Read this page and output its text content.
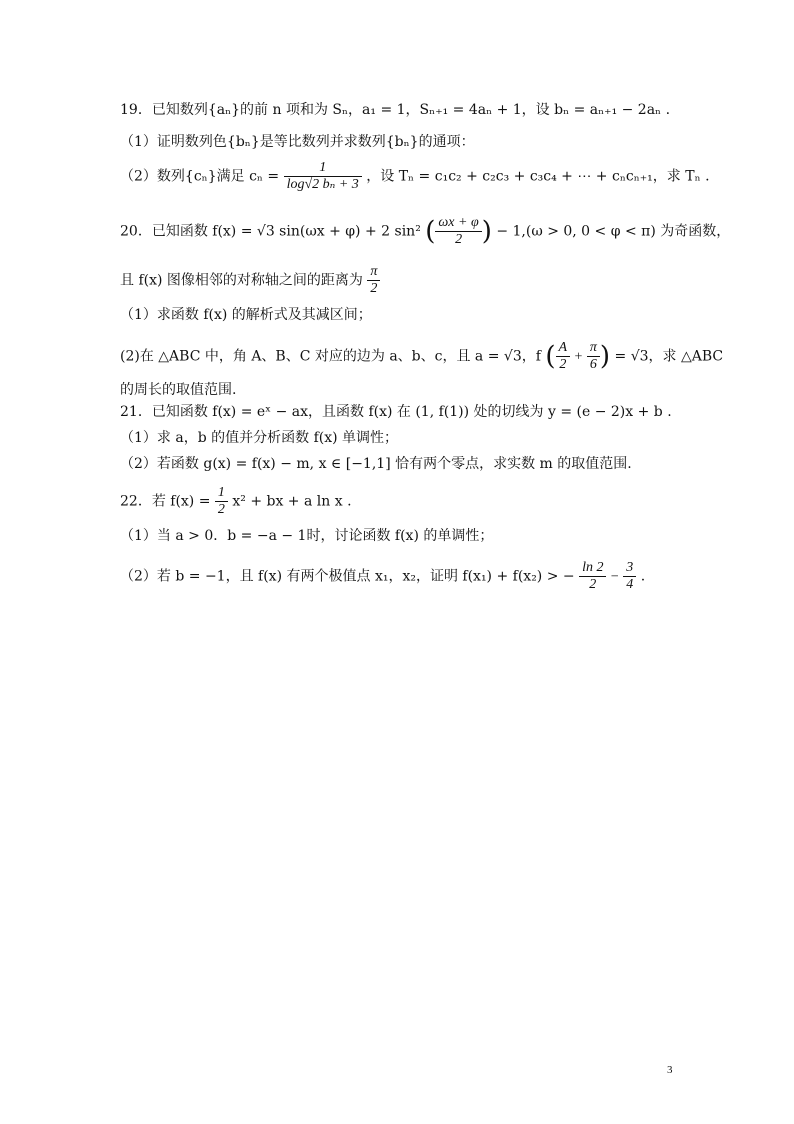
19．已知数列{aₙ}的前 n 项和为 Sₙ，a₁ = 1，Sₙ₊₁ = 4aₙ + 1，设 bₙ = aₙ₊₁ − 2aₙ .
（1）证明数列色{bₙ}是等比数列并求数列{bₙ}的通项：
（2）数列{cₙ}满足 $c_n = \frac{1}{\text{log√2 bₙ + 3}}$ ，设 Tₙ = c₁c₂ + c₂c₃ + c₃c₄ + ⋯ + cₙcₙ₊₁，求 Tₙ .
20．已知函数 f(x) = √3 sin(ωx + φ) + 2 sin² ( $\frac{\omega x + \varphi}{2}$ ) − 1,(ω > 0, 0 < φ < π) 为奇函数，
且 f(x) 图像相邻的对称轴之间的距离为 $\frac{\pi}{2}$
（1）求函数 f(x) 的解析式及其减区间；
(2)在 △ABC 中，角 A、B、C 对应的边为 a、b、c，且 a = √3，f ( $\frac{A}{2} + \frac{\pi}{6}$ ) = √3，求 △ABC
的周长的取值范围.
21．已知函数 f(x) = eˣ − ax，且函数 f(x) 在 (1, f(1)) 处的切线为 y = (e − 2)x + b .
（1）求 a，b 的值并分析函数 f(x) 单调性；
（2）若函数 g(x) = f(x) − m, x ∈ [−1,1] 恰有两个零点，求实数 m 的取值范围.
22．若 $f(x) = \frac{1}{2} x^2$ + bx + a ln x .
（1）当 a > 0．b = −a − 1时，讨论函数 f(x) 的单调性；
（2）若 b = −1，且 f(x) 有两个极值点 x₁，x₂，证明 f(x₁) + f(x₂) > − $\frac{\ln 2}{2} - \frac{3}{4}$ .
3
